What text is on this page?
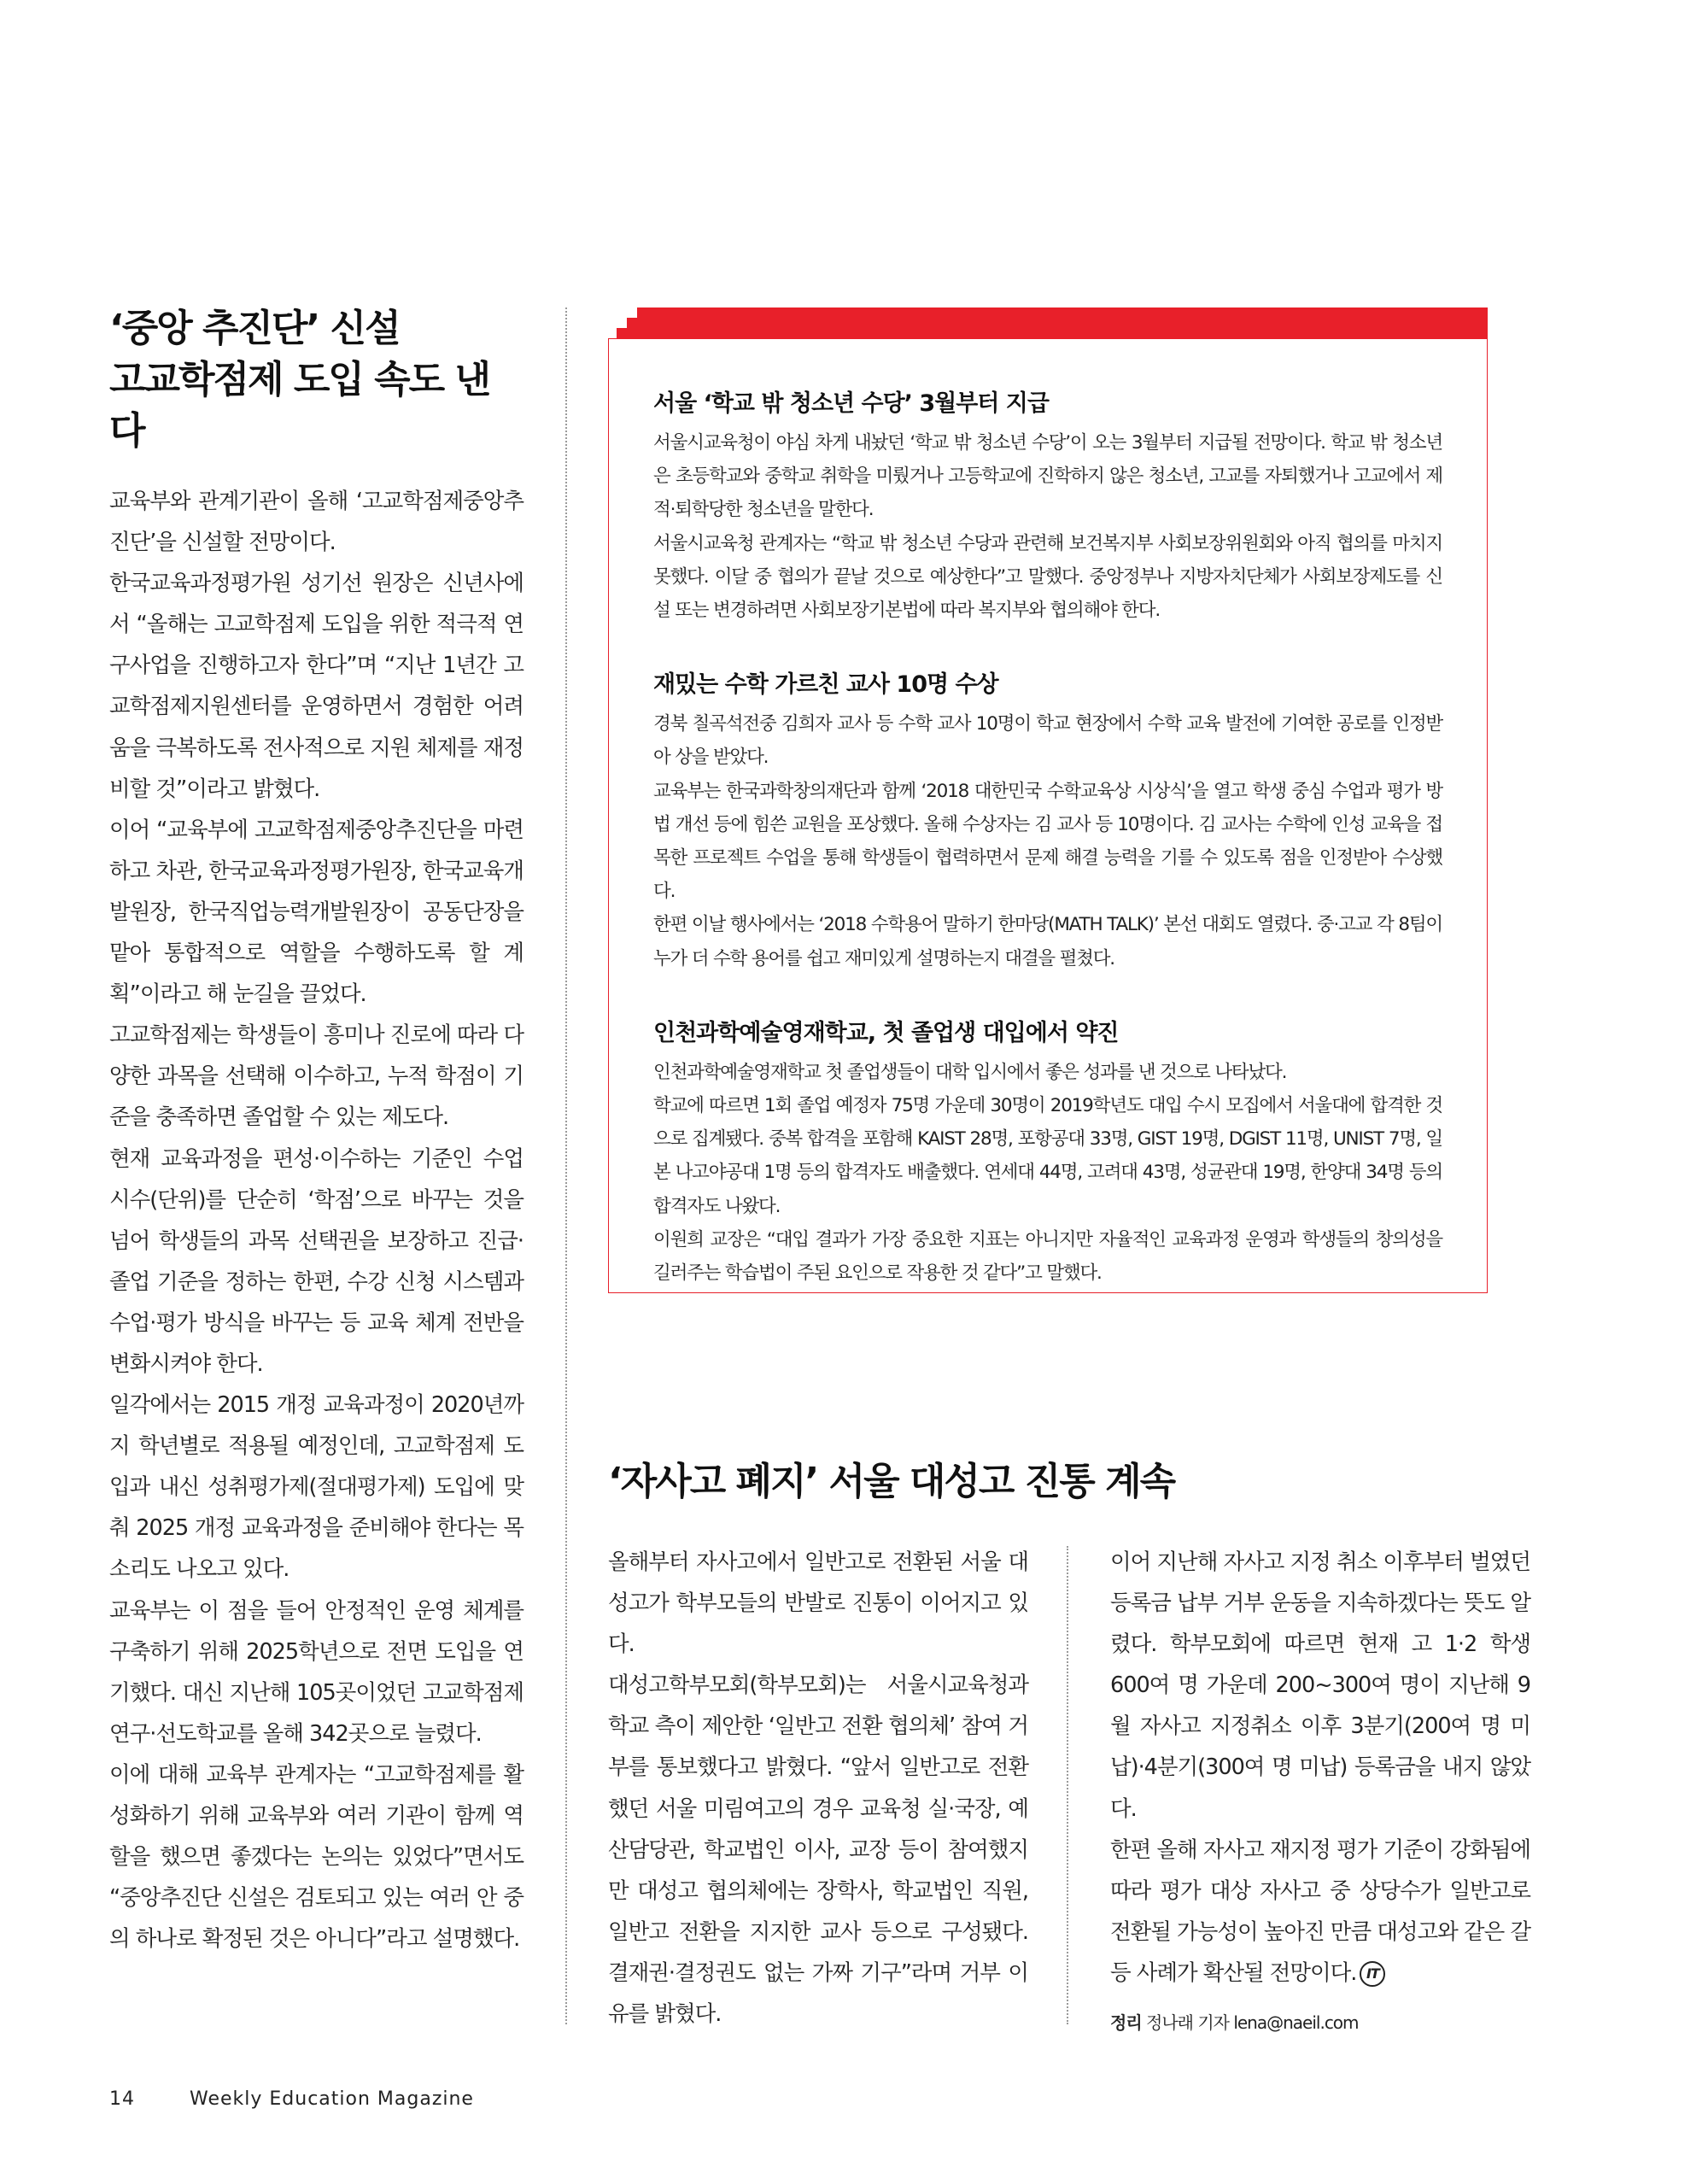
‘중앙 추진단’ 신설
고교학점제 도입 속도 낸다

교육부와 관계기관이 올해 ‘고교학점제중앙추진단’을 신설할 전망이다.

한국교육과정평가원 성기선 원장은 신년사에서 “올해는 고교학점제 도입을 위한 적극적 연구사업을 진행하고자 한다”며 “지난 1년간 고교학점제지원센터를 운영하면서 경험한 어려움을 극복하도록 전사적으로 지원 체제를 재정비할 것”이라고 밝혔다.

이어 “교육부에 고교학점제중앙추진단을 마련하고 차관, 한국교육과정평가원장, 한국교육개발원장, 한국직업능력개발원장이 공동단장을 맡아 통합적으로 역할을 수행하도록 할 계획”이라고 해 눈길을 끌었다.

고교학점제는 학생들이 흥미나 진로에 따라 다양한 과목을 선택해 이수하고, 누적 학점이 기준을 충족하면 졸업할 수 있는 제도다.

현재 교육과정을 편성·이수하는 기준인 수업 시수(단위)를 단순히 ‘학점’으로 바꾸는 것을 넘어 학생들의 과목 선택권을 보장하고 진급·졸업 기준을 정하는 한편, 수강 신청 시스템과 수업·평가 방식을 바꾸는 등 교육 체계 전반을 변화시켜야 한다.

일각에서는 2015 개정 교육과정이 2020년까지 학년별로 적용될 예정인데, 고교학점제 도입과 내신 성취평가제(절대평가제) 도입에 맞춰 2025 개정 교육과정을 준비해야 한다는 목소리도 나오고 있다.

교육부는 이 점을 들어 안정적인 운영 체계를 구축하기 위해 2025학년으로 전면 도입을 연기했다. 대신 지난해 105곳이었던 고교학점제 연구·선도학교를 올해 342곳으로 늘렸다.

이에 대해 교육부 관계자는 “고교학점제를 활성화하기 위해 교육부와 여러 기관이 함께 역할을 했으면 좋겠다는 논의는 있었다”면서도 “중앙추진단 신설은 검토되고 있는 여러 안 중의 하나로 확정된 것은 아니다”라고 설명했다.

서울 ‘학교 밖 청소년 수당’ 3월부터 지급

서울시교육청이 야심 차게 내놨던 ‘학교 밖 청소년 수당’이 오는 3월부터 지급될 전망이다. 학교 밖 청소년은 초등학교와 중학교 취학을 미뤘거나 고등학교에 진학하지 않은 청소년, 고교를 자퇴했거나 고교에서 제적·퇴학당한 청소년을 말한다.

서울시교육청 관계자는 “학교 밖 청소년 수당과 관련해 보건복지부 사회보장위원회와 아직 협의를 마치지 못했다. 이달 중 협의가 끝날 것으로 예상한다”고 말했다. 중앙정부나 지방자치단체가 사회보장제도를 신설 또는 변경하려면 사회보장기본법에 따라 복지부와 협의해야 한다.

재밌는 수학 가르친 교사 10명 수상

경북 칠곡석전중 김희자 교사 등 수학 교사 10명이 학교 현장에서 수학 교육 발전에 기여한 공로를 인정받아 상을 받았다.

교육부는 한국과학창의재단과 함께 ‘2018 대한민국 수학교육상 시상식’을 열고 학생 중심 수업과 평가 방법 개선 등에 힘쓴 교원을 포상했다. 올해 수상자는 김 교사 등 10명이다. 김 교사는 수학에 인성 교육을 접목한 프로젝트 수업을 통해 학생들이 협력하면서 문제 해결 능력을 기를 수 있도록 점을 인정받아 수상했다.

한편 이날 행사에서는 ‘2018 수학용어 말하기 한마당(MATH TALK)’ 본선 대회도 열렸다. 중·고교 각 8팀이 누가 더 수학 용어를 쉽고 재미있게 설명하는지 대결을 펼쳤다.

인천과학예술영재학교, 첫 졸업생 대입에서 약진

인천과학예술영재학교 첫 졸업생들이 대학 입시에서 좋은 성과를 낸 것으로 나타났다.

학교에 따르면 1회 졸업 예정자 75명 가운데 30명이 2019학년도 대입 수시 모집에서 서울대에 합격한 것으로 집계됐다. 중복 합격을 포함해 KAIST 28명, 포항공대 33명, GIST 19명, DGIST 11명, UNIST 7명, 일본 나고야공대 1명 등의 합격자도 배출했다. 연세대 44명, 고려대 43명, 성균관대 19명, 한양대 34명 등의 합격자도 나왔다.

이원희 교장은 “대입 결과가 가장 중요한 지표는 아니지만 자율적인 교육과정 운영과 학생들의 창의성을 길러주는 학습법이 주된 요인으로 작용한 것 같다”고 말했다.

‘자사고 폐지’ 서울 대성고 진통 계속

올해부터 자사고에서 일반고로 전환된 서울 대성고가 학부모들의 반발로 진통이 이어지고 있다.

대성고학부모회(학부모회)는 서울시교육청과 학교 측이 제안한 ‘일반고 전환 협의체’ 참여 거부를 통보했다고 밝혔다. “앞서 일반고로 전환했던 서울 미림여고의 경우 교육청 실·국장, 예산담당관, 학교법인 이사, 교장 등이 참여했지만 대성고 협의체에는 장학사, 학교법인 직원, 일반고 전환을 지지한 교사 등으로 구성됐다. 결재권·결정권도 없는 가짜 기구”라며 거부 이유를 밝혔다.

이어 지난해 자사고 지정 취소 이후부터 벌였던 등록금 납부 거부 운동을 지속하겠다는 뜻도 알렸다. 학부모회에 따르면 현재 고 1·2 학생 600여 명 가운데 200~300여 명이 지난해 9월 자사고 지정취소 이후 3분기(200여 명 미납)·4분기(300여 명 미납) 등록금을 내지 않았다.

한편 올해 자사고 재지정 평가 기준이 강화됨에 따라 평가 대상 자사고 중 상당수가 일반고로 전환될 가능성이 높아진 만큼 대성고와 같은 갈등 사례가 확산될 전망이다. IT

정리 정나래 기자 lena@naeil.com
14	Weekly Education Magazine
